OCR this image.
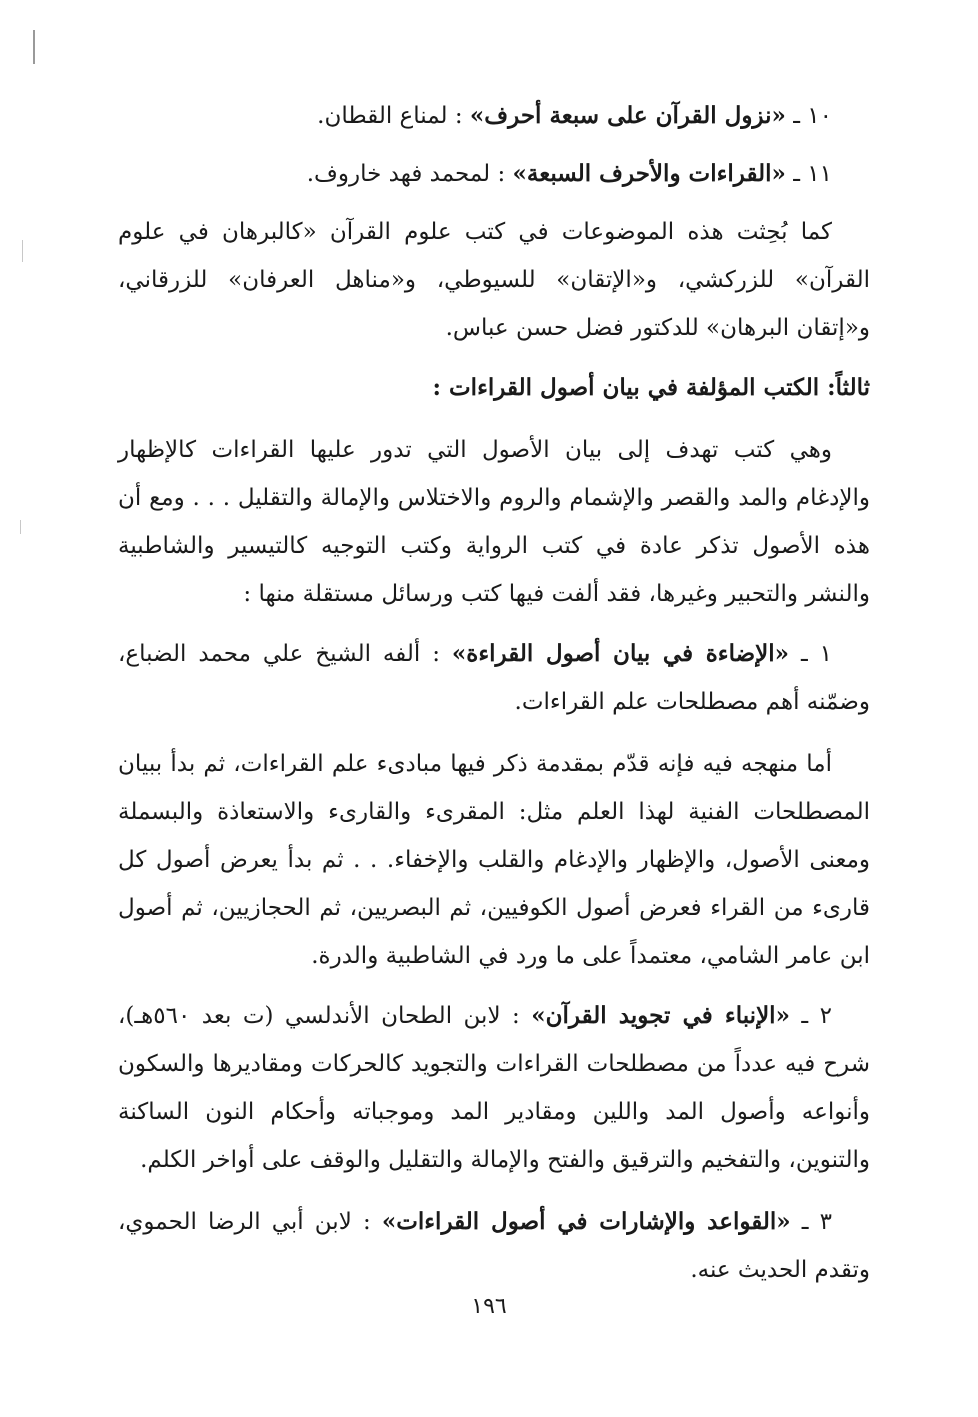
١٠ ـ «نزول القرآن على سبعة أحرف» : لمناع القطان.

١١ ـ «القراءات والأحرف السبعة» : لمحمد فهد خاروف.

كما بُحِثت هذه الموضوعات في كتب علوم القرآن «كالبرهان في علوم القرآن» للزركشي، و«الإتقان» للسيوطي، و«مناهل العرفان» للزرقاني، و«إتقان البرهان» للدكتور فضل حسن عباس.

ثالثاً: الكتب المؤلفة في بيان أصول القراءات :

وهي كتب تهدف إلى بيان الأصول التي تدور عليها القراءات كالإظهار والإدغام والمد والقصر والإشمام والروم والاختلاس والإمالة والتقليل . . . ومع أن هذه الأصول تذكر عادة في كتب الرواية وكتب التوجيه كالتيسير والشاطبية والنشر والتحبير وغيرها، فقد ألفت فيها كتب ورسائل مستقلة منها :

١ ـ «الإضاءة في بيان أصول القراءة» : ألفه الشيخ علي محمد الضباع، وضمّنه أهم مصطلحات علم القراءات.

أما منهجه فيه فإنه قدّم بمقدمة ذكر فيها مبادىء علم القراءات، ثم بدأ ببيان المصطلحات الفنية لهذا العلم مثل: المقرىء والقارىء والاستعاذة والبسملة ومعنى الأصول، والإظهار والإدغام والقلب والإخفاء. . . ثم بدأ يعرض أصول كل قارىء من القراء فعرض أصول الكوفيين، ثم البصريين، ثم الحجازيين، ثم أصول ابن عامر الشامي، معتمداً على ما ورد في الشاطبية والدرة.

٢ ـ «الإنباء في تجويد القرآن» : لابن الطحان الأندلسي (ت بعد ٥٦٠هـ)، شرح فيه عدداً من مصطلحات القراءات والتجويد كالحركات ومقاديرها والسكون وأنواعه وأصول المد واللين ومقادير المد وموجباته وأحكام النون الساكنة والتنوين، والتفخيم والترقيق والفتح والإمالة والتقليل والوقف على أواخر الكلم.

٣ ـ «القواعد والإشارات في أصول القراءات» : لابن أبي الرضا الحموي، وتقدم الحديث عنه.

١٩٦
